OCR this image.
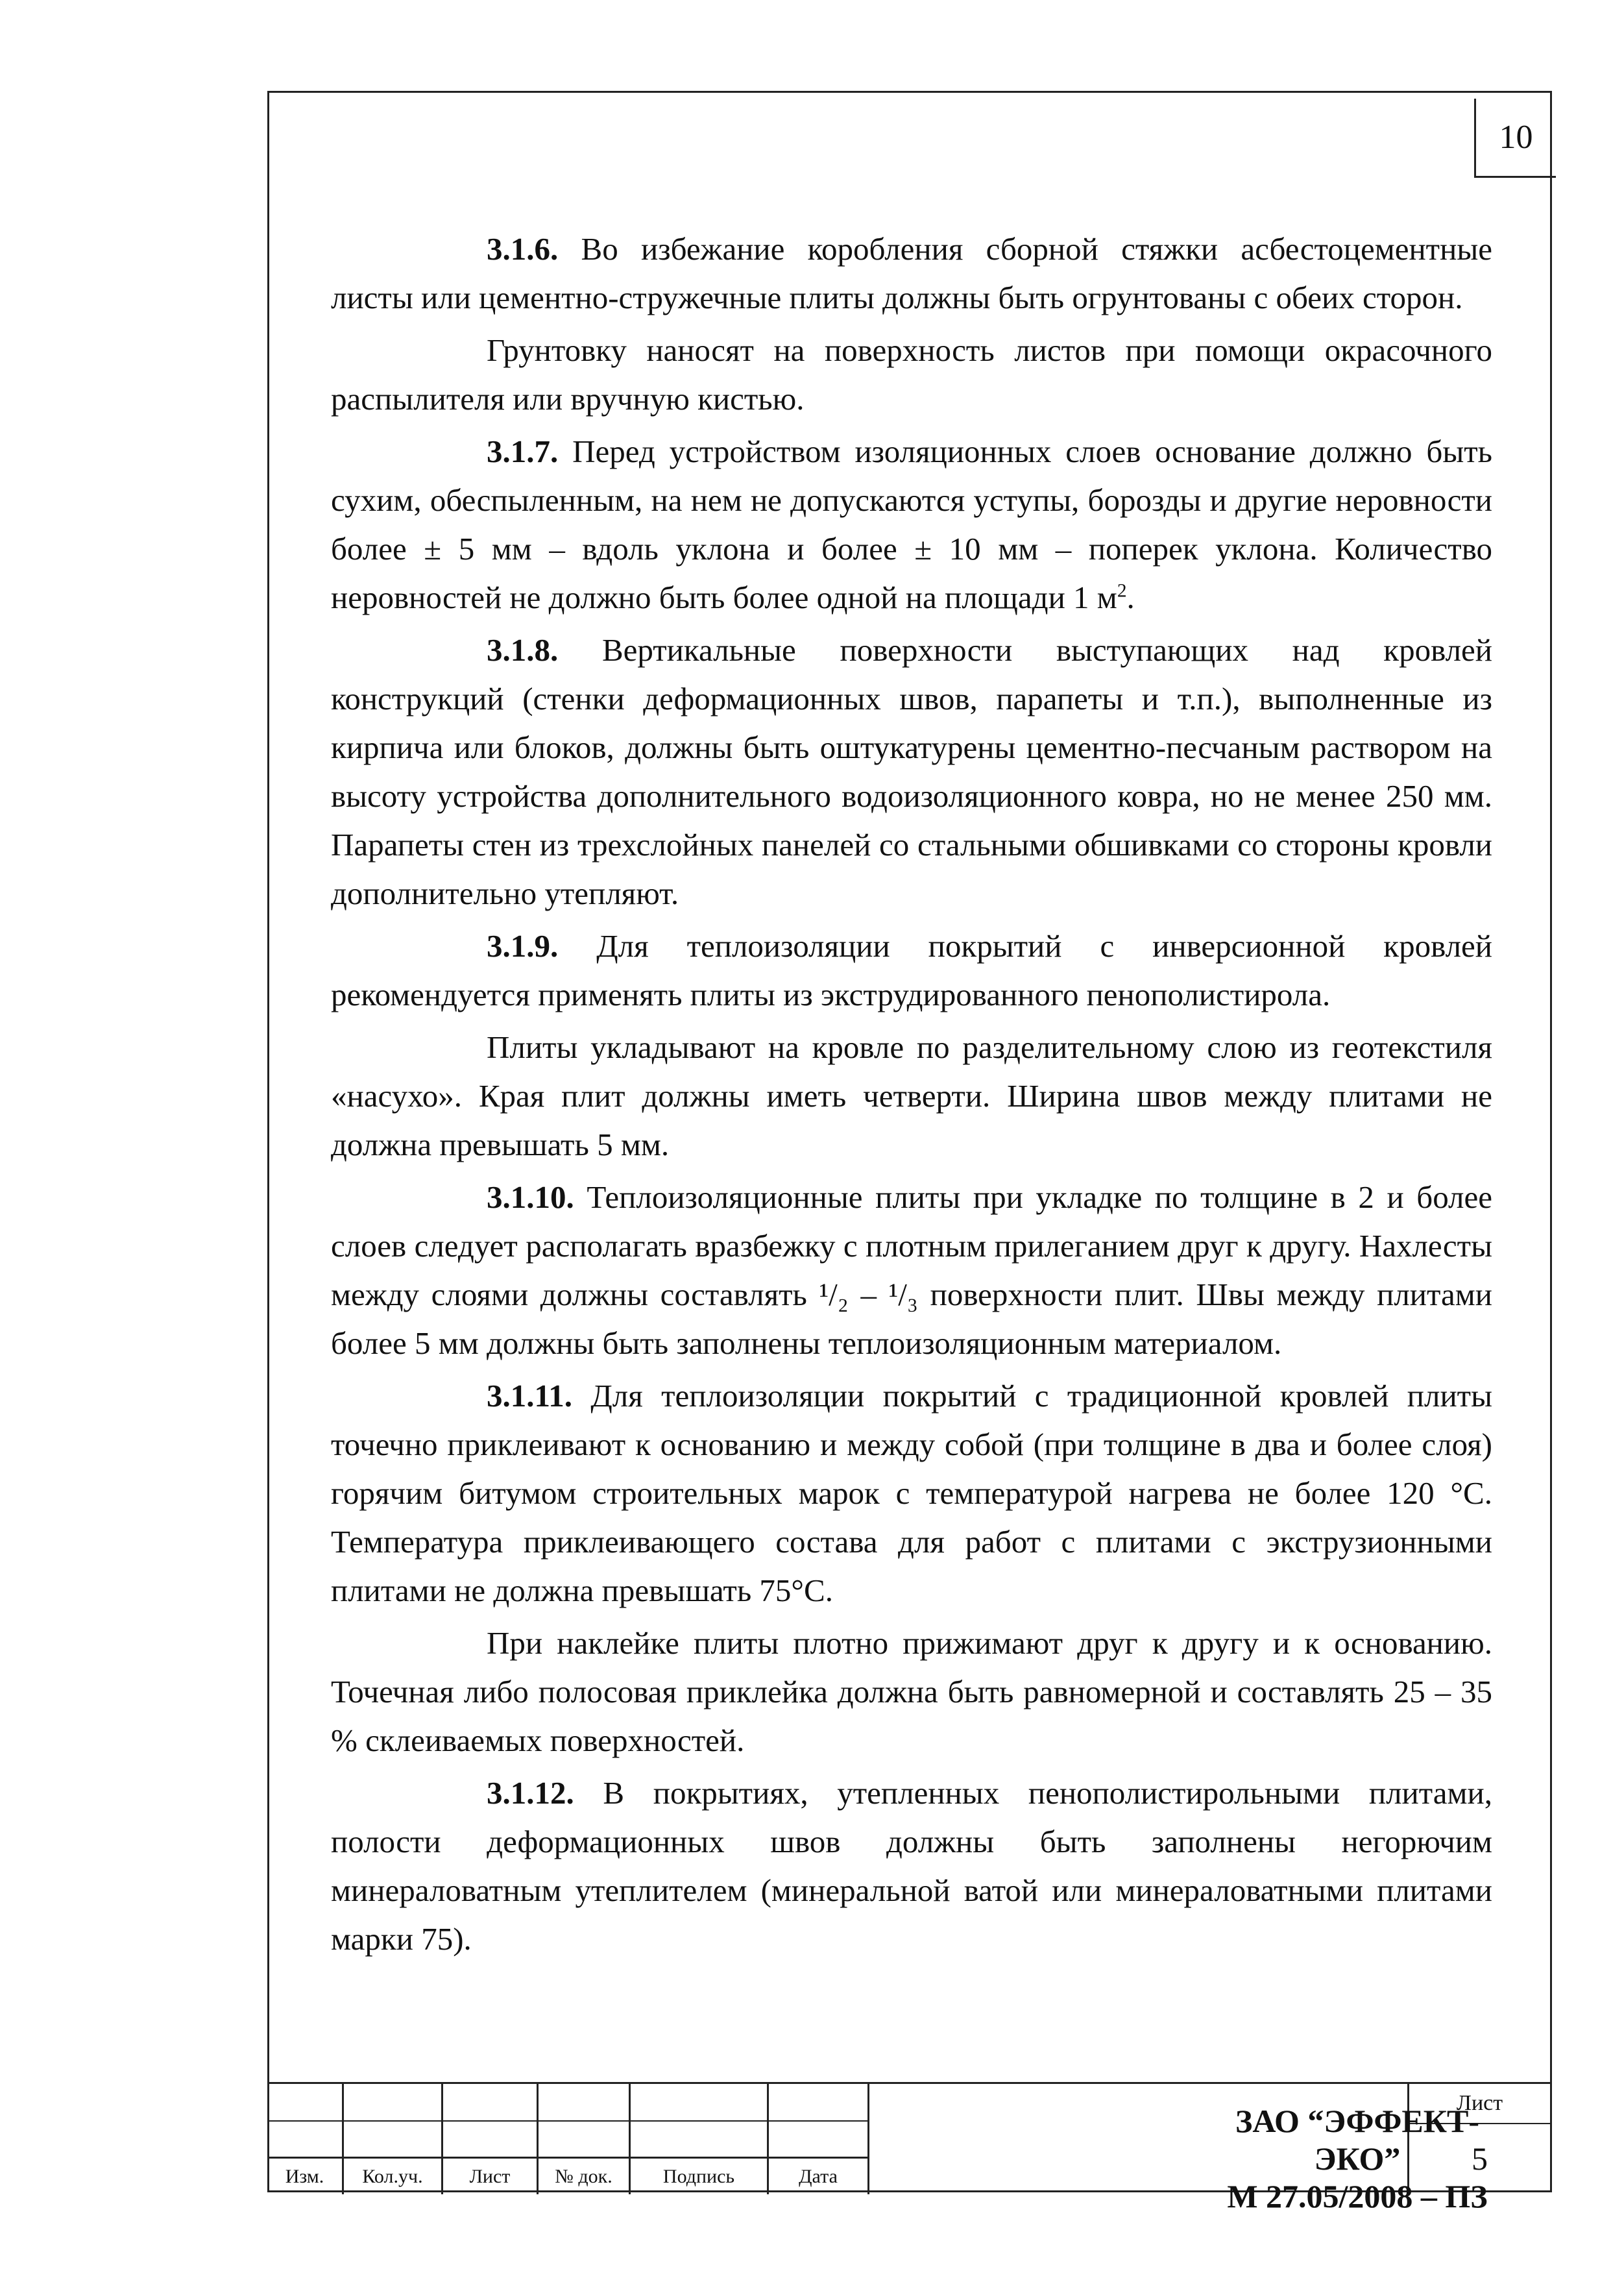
10

3.1.6. Во избежание коробления сборной стяжки асбестоцементные листы или цементно-стружечные плиты должны быть огрунтованы с обеих сторон.

Грунтовку наносят на поверхность листов при помощи окрасочного распылителя или вручную кистью.

3.1.7. Перед устройством изоляционных слоев основание должно быть сухим, обеспыленным, на нем не допускаются уступы, борозды и другие неровности более ± 5 мм – вдоль уклона и более ± 10 мм – поперек уклона. Количество неровностей не должно быть более одной на площади 1 $м^2$.

3.1.8. Вертикальные поверхности выступающих над кровлей конструкций (стенки деформационных швов, парапеты и т.п.), выполненные из кирпича или блоков, должны быть оштукатурены цементно-песчаным раствором на высоту устройства дополнительного водоизоляционного ковра, но не менее 250 мм. Парапеты стен из трехслойных панелей со стальными обшивками со стороны кровли дополнительно утепляют.

3.1.9. Для теплоизоляции покрытий с инверсионной кровлей рекомендуется применять плиты из экструдированного пенополистирола.

Плиты укладывают на кровле по разделительному слою из геотекстиля «насухо». Края плит должны иметь четверти. Ширина швов между плитами не должна превышать 5 мм.

3.1.10. Теплоизоляционные плиты при укладке по толщине в 2 и более слоев следует располагать вразбежку с плотным прилеганием друг к другу. Нахлесты между слоями должны составлять ¹/₂ – ¹/₃ поверхности плит. Швы между плитами более 5 мм должны быть заполнены теплоизоляционным материалом.

3.1.11. Для теплоизоляции покрытий с традиционной кровлей плиты точечно приклеивают к основанию и между собой (при толщине в два и более слоя) горячим битумом строительных марок с температурой нагрева не более 120 °С. Температура приклеивающего состава для работ с плитами с экструзионными плитами не должна превышать 75°С.

При наклейке плиты плотно прижимают друг к другу и к основанию. Точечная либо полосовая приклейка должна быть равномерной и составлять 25 – 35 % склеиваемых поверхностей.

3.1.12. В покрытиях, утепленных пенополистирольными плитами, полости деформационных швов должны быть заполнены негорючим минераловатным утеплителем (минеральной ватой или минераловатными плитами марки 75).

Изм.	Кол.уч.	Лист	№ док.	Подпись	Дата
ЗАО “ЭФФЕКТ-ЭКО”
М 27.05/2008 – ПЗ
Лист
5
